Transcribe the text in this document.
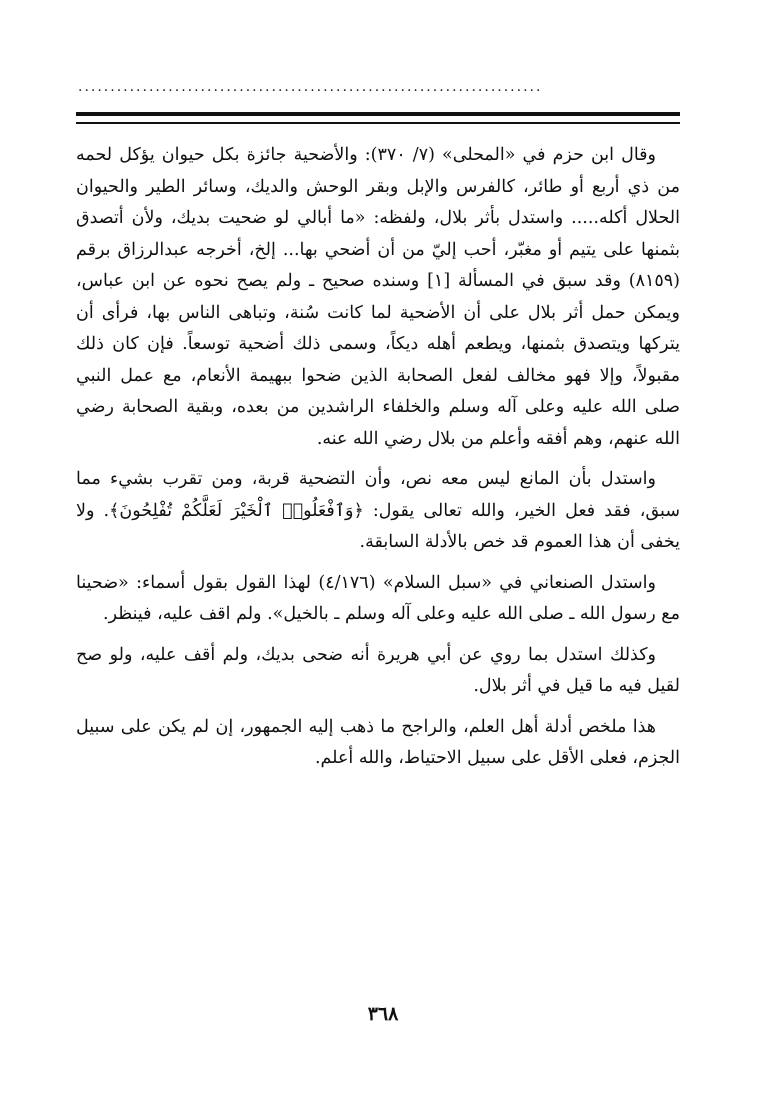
........................................................................

وقال ابن حزم في «المحلى» (٧/ ٣٧٠): والأضحية جائزة بكل حيوان يؤكل لحمه من ذي أربع أو طائر، كالفرس والإبل وبقر الوحش والديك، وسائر الطير والحيوان الحلال أكله..... واستدل بأثر بلال، ولفظه: «ما أبالي لو ضحيت بديك، ولأن أتصدق بثمنها على يتيم أو مغبّر، أحب إليّ من أن أضحي بها... إلخ، أخرجه عبدالرزاق برقم (٨١٥٩) وقد سبق في المسألة [١] وسنده صحيح ـ ولم يصح نحوه عن ابن عباس، ويمكن حمل أثر بلال على أن الأضحية لما كانت سُنة، وتباهى الناس بها، فرأى أن يتركها ويتصدق بثمنها، ويطعم أهله ديكاً، وسمى ذلك أضحية توسعاً. فإن كان ذلك مقبولاً، وإلا فهو مخالف لفعل الصحابة الذين ضحوا ببهيمة الأنعام، مع عمل النبي صلى الله عليه وعلى آله وسلم والخلفاء الراشدين من بعده، وبقية الصحابة رضي الله عنهم، وهم أفقه وأعلم من بلال رضي الله عنه.

واستدل بأن المانع ليس معه نص، وأن التضحية قربة، ومن تقرب بشيء مما سبق، فقد فعل الخير، والله تعالى يقول: ﴿وَٱفْعَلُوا۟ ٱلْخَيْرَ لَعَلَّكُمْ تُفْلِحُونَ﴾. ولا يخفى أن هذا العموم قد خص بالأدلة السابقة.

واستدل الصنعاني في «سبل السلام» (٤/١٧٦) لهذا القول بقول أسماء: «ضحينا مع رسول الله ـ صلى الله عليه وعلى آله وسلم ـ بالخيل». ولم اقف عليه، فينظر.

وكذلك استدل بما روي عن أبي هريرة أنه ضحى بديك، ولم أقف عليه، ولو صح لقيل فيه ما قيل في أثر بلال.

هذا ملخص أدلة أهل العلم، والراجح ما ذهب إليه الجمهور، إن لم يكن على سبيل الجزم، فعلى الأقل على سبيل الاحتياط، والله أعلم.

٣٦٨
